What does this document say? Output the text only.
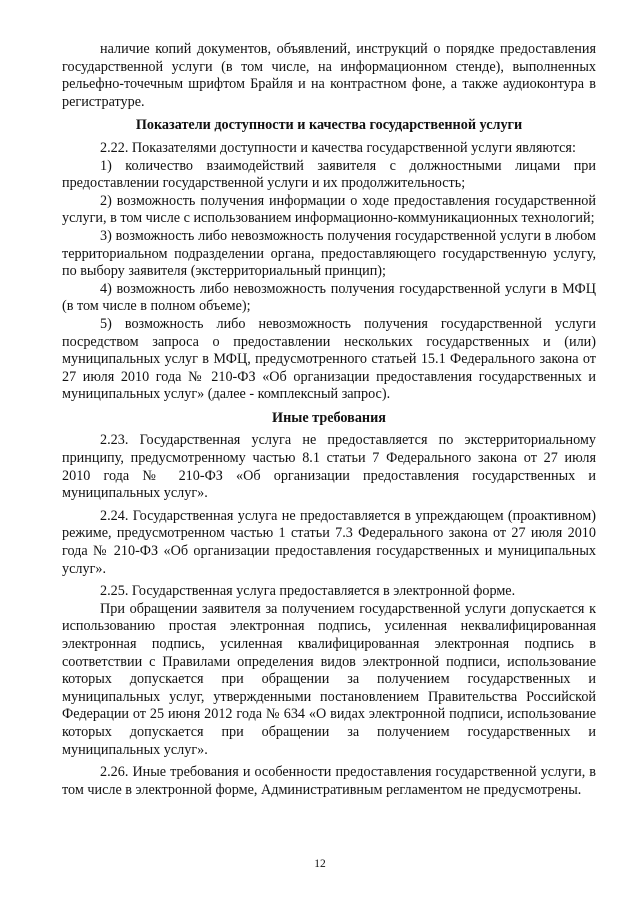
наличие копий документов, объявлений, инструкций о порядке предоставления государственной услуги (в том числе, на информационном стенде), выполненных рельефно-точечным шрифтом Брайля и на контрастном фоне, а также аудиоконтура в регистратуре.

Показатели доступности и качества государственной услуги

2.22. Показателями доступности и качества государственной услуги являются:

1) количество взаимодействий заявителя с должностными лицами при предоставлении государственной услуги и их продолжительность;

2) возможность получения информации о ходе предоставления государственной услуги, в том числе с использованием информационно-коммуникационных технологий;

3) возможность либо невозможность получения государственной услуги в любом территориальном подразделении органа, предоставляющего государственную услугу, по выбору заявителя (экстерриториальный принцип);

4) возможность либо невозможность получения государственной услуги в МФЦ (в том числе в полном объеме);

5) возможность либо невозможность получения государственной услуги посредством запроса о предоставлении нескольких государственных и (или) муниципальных услуг в МФЦ, предусмотренного статьей 15.1 Федерального закона от 27 июля 2010 года № 210-ФЗ «Об организации предоставления государственных и муниципальных услуг» (далее - комплексный запрос).

Иные требования

2.23. Государственная услуга не предоставляется по экстерриториальному принципу, предусмотренному частью 8.1 статьи 7 Федерального закона от 27 июля 2010 года № 210-ФЗ «Об организации предоставления государственных и муниципальных услуг».

2.24. Государственная услуга не предоставляется в упреждающем (проактивном) режиме, предусмотренном частью 1 статьи 7.3 Федерального закона от 27 июля 2010 года № 210-ФЗ «Об организации предоставления государственных и муниципальных услуг».

2.25. Государственная услуга предоставляется в электронной форме.

При обращении заявителя за получением государственной услуги допускается к использованию простая электронная подпись, усиленная неквалифицированная электронная подпись, усиленная квалифицированная электронная подпись в соответствии с Правилами определения видов электронной подписи, использование которых допускается при обращении за получением государственных и муниципальных услуг, утвержденными постановлением Правительства Российской Федерации от 25 июня 2012 года № 634 «О видах электронной подписи, использование которых допускается при обращении за получением государственных и муниципальных услуг».

2.26. Иные требования и особенности предоставления государственной услуги, в том числе в электронной форме, Административным регламентом не предусмотрены.

12
